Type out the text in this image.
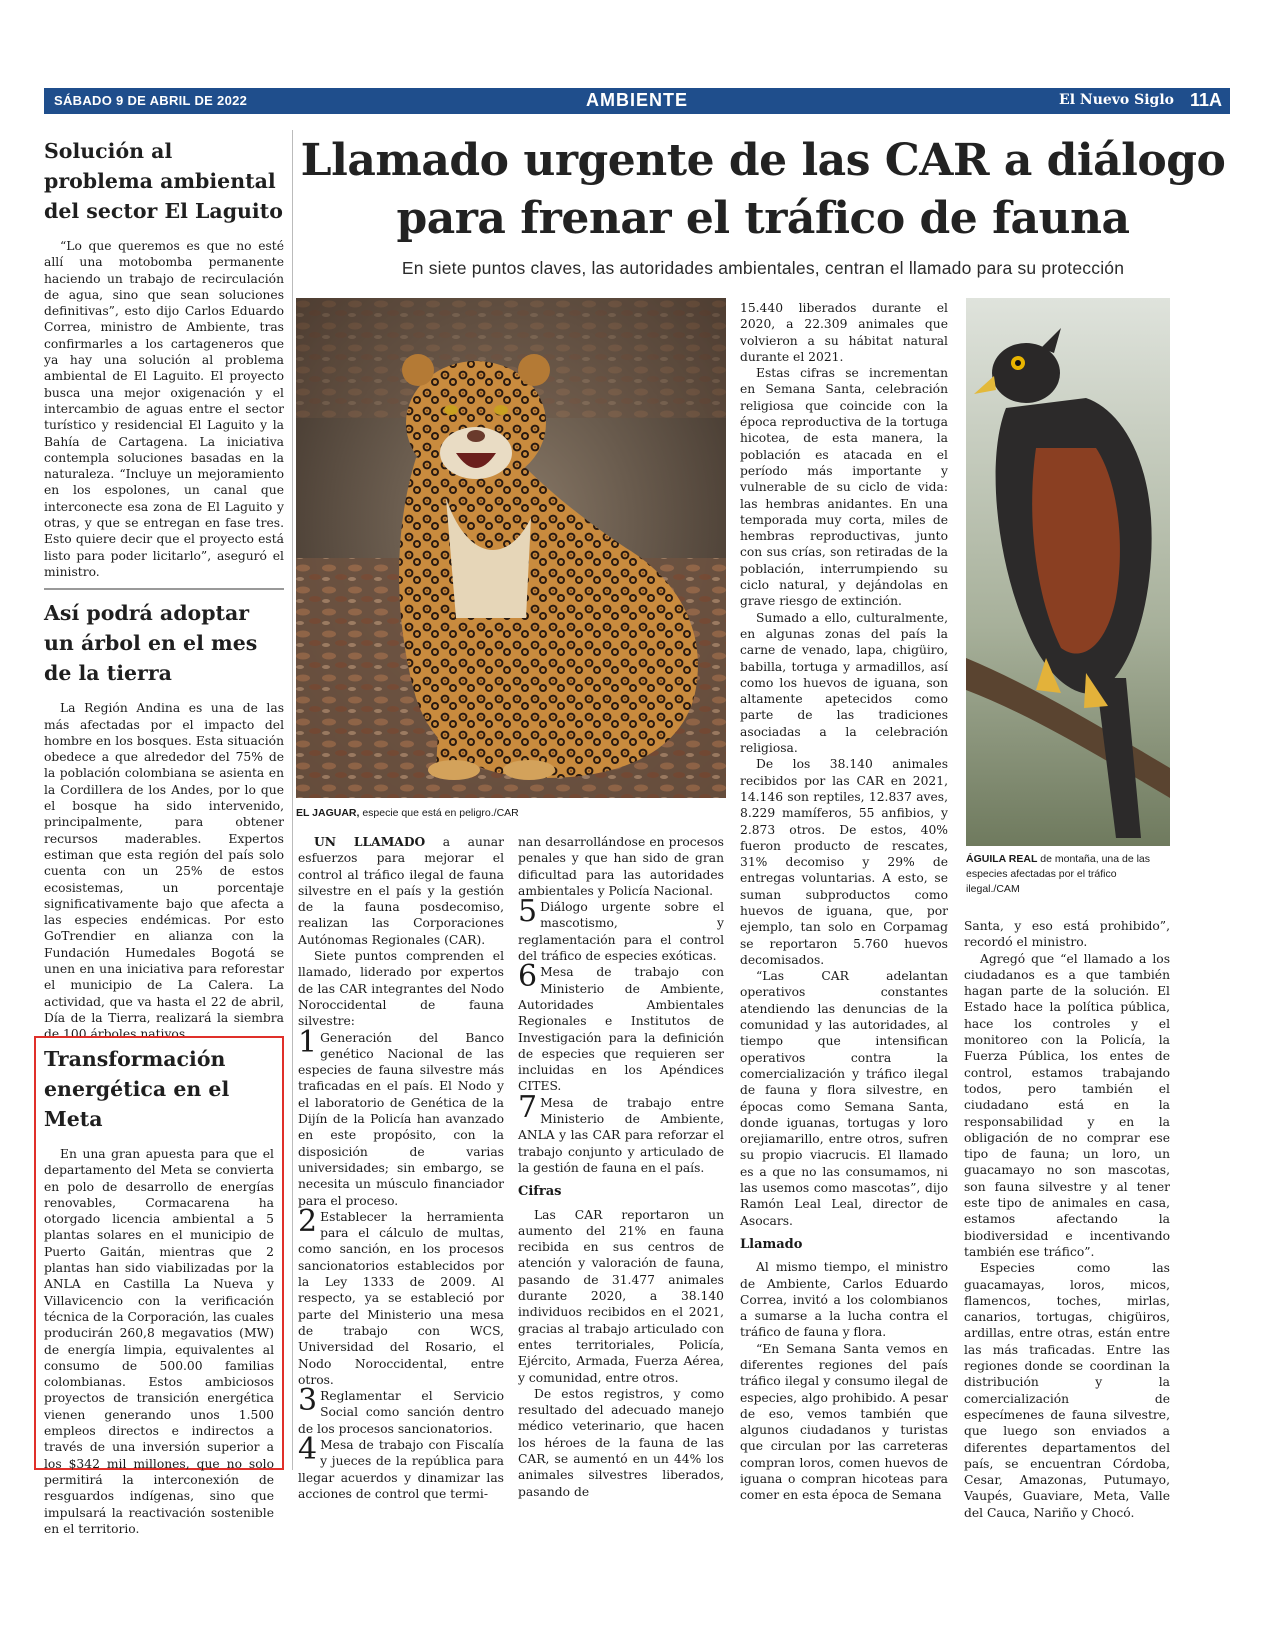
SÁBADO 9 DE ABRIL DE 2022	AMBIENTE	El Nuevo Siglo 11A
Solución al problema ambiental del sector El Laguito

“Lo que queremos es que no esté allí una motobomba permanente haciendo un trabajo de recirculación de agua, sino que sean soluciones definitivas”, esto dijo Carlos Eduardo Correa, ministro de Ambiente, tras confirmarles a los cartageneros que ya hay una solución al problema ambiental de El Laguito. El proyecto busca una mejor oxigenación y el intercambio de aguas entre el sector turístico y residencial El Laguito y la Bahía de Cartagena. La iniciativa contempla soluciones basadas en la naturaleza. “Incluye un mejoramiento en los espolones, un canal que interconecte esa zona de El Laguito y otras, y que se entregan en fase tres. Esto quiere decir que el proyecto está listo para poder licitarlo”, aseguró el ministro.

Así podrá adoptar un árbol en el mes de la tierra

La Región Andina es una de las más afectadas por el impacto del hombre en los bosques. Esta situación obedece a que alrededor del 75% de la población colombiana se asienta en la Cordillera de los Andes, por lo que el bosque ha sido intervenido, principalmente, para obtener recursos maderables. Expertos estiman que esta región del país solo cuenta con un 25% de estos ecosistemas, un porcentaje significativamente bajo que afecta a las especies endémicas. Por esto GoTrendier en alianza con la Fundación Humedales Bogotá se unen en una iniciativa para reforestar el municipio de La Calera. La actividad, que va hasta el 22 de abril, Día de la Tierra, realizará la siembra de 100 árboles nativos.

Transformación energética en el Meta

En una gran apuesta para que el departamento del Meta se convierta en polo de desarrollo de energías renovables, Cormacarena ha otorgado licencia ambiental a 5 plantas solares en el municipio de Puerto Gaitán, mientras que 2 plantas han sido viabilizadas por la ANLA en Castilla La Nueva y Villavicencio con la verificación técnica de la Corporación, las cuales producirán 260,8 megavatios (MW) de energía limpia, equivalentes al consumo de 500.00 familias colombianas. Estos ambiciosos proyectos de transición energética vienen generando unos 1.500 empleos directos e indirectos a través de una inversión superior a los $342 mil millones, que no solo permitirá la interconexión de resguardos indígenas, sino que impulsará la reactivación sostenible en el territorio.

Llamado urgente de las CAR a diálogo para frenar el tráfico de fauna
En siete puntos claves, las autoridades ambientales, centran el llamado para su protección
EL JAGUAR, especie que está en peligro./CAR
ÁGUILA REAL de montaña, una de las especies afectadas por el tráfico ilegal./CAM

UN LLAMADO a aunar esfuerzos para mejorar el control al tráfico ilegal de fauna silvestre en el país y la gestión de la fauna posdecomiso, realizan las Corporaciones Autónomas Regionales (CAR).

Siete puntos comprenden el llamado, liderado por expertos de las CAR integrantes del Nodo Noroccidental de fauna silvestre:

1 Generación del Banco genético Nacional de las especies de fauna silvestre más traficadas en el país. El Nodo y el laboratorio de Genética de la Dijín de la Policía han avanzado en este propósito, con la disposición de varias universidades; sin embargo, se necesita un músculo financiador para el proceso.

2 Establecer la herramienta para el cálculo de multas, como sanción, en los procesos sancionatorios establecidos por la Ley 1333 de 2009. Al respecto, ya se estableció por parte del Ministerio una mesa de trabajo con WCS, Universidad del Rosario, el Nodo Noroccidental, entre otros.

3 Reglamentar el Servicio Social como sanción dentro de los procesos sancionatorios.

4 Mesa de trabajo con Fiscalía y jueces de la república para llegar acuerdos y dinamizar las acciones de control que termi-

nan desarrollándose en procesos penales y que han sido de gran dificultad para las autoridades ambientales y Policía Nacional.

5 Diálogo urgente sobre el mascotismo, y reglamentación para el control del tráfico de especies exóticas.

6 Mesa de trabajo con Ministerio de Ambiente, Autoridades Ambientales Regionales e Institutos de Investigación para la definición de especies que requieren ser incluidas en los Apéndices CITES.

7 Mesa de trabajo entre Ministerio de Ambiente, ANLA y las CAR para reforzar el trabajo conjunto y articulado de la gestión de fauna en el país.

Cifras

Las CAR reportaron un aumento del 21% en fauna recibida en sus centros de atención y valoración de fauna, pasando de 31.477 animales durante 2020, a 38.140 individuos recibidos en el 2021, gracias al trabajo articulado con entes territoriales, Policía, Ejército, Armada, Fuerza Aérea, y comunidad, entre otros.

De estos registros, y como resultado del adecuado manejo médico veterinario, que hacen los héroes de la fauna de las CAR, se aumentó en un 44% los animales silvestres liberados, pasando de

15.440 liberados durante el 2020, a 22.309 animales que volvieron a su hábitat natural durante el 2021.

Estas cifras se incrementan en Semana Santa, celebración religiosa que coincide con la época reproductiva de la tortuga hicotea, de esta manera, la población es atacada en el período más importante y vulnerable de su ciclo de vida: las hembras anidantes. En una temporada muy corta, miles de hembras reproductivas, junto con sus crías, son retiradas de la población, interrumpiendo su ciclo natural, y dejándolas en grave riesgo de extinción.

Sumado a ello, culturalmente, en algunas zonas del país la carne de venado, lapa, chigüiro, babilla, tortuga y armadillos, así como los huevos de iguana, son altamente apetecidos como parte de las tradiciones asociadas a la celebración religiosa.

De los 38.140 animales recibidos por las CAR en 2021, 14.146 son reptiles, 12.837 aves, 8.229 mamíferos, 55 anfibios, y 2.873 otros. De estos, 40% fueron producto de rescates, 31% decomiso y 29% de entregas voluntarias. A esto, se suman subproductos como huevos de iguana, que, por ejemplo, tan solo en Corpamag se reportaron 5.760 huevos decomisados.

“Las CAR adelantan operativos constantes atendiendo las denuncias de la comunidad y las autoridades, al tiempo que intensifican operativos contra la comercialización y tráfico ilegal de fauna y flora silvestre, en épocas como Semana Santa, donde iguanas, tortugas y loro orejiamarillo, entre otros, sufren su propio viacrucis. El llamado es a que no las consumamos, ni las usemos como mascotas”, dijo Ramón Leal Leal, director de Asocars.

Llamado

Al mismo tiempo, el ministro de Ambiente, Carlos Eduardo Correa, invitó a los colombianos a sumarse a la lucha contra el tráfico de fauna y flora.

“En Semana Santa vemos en diferentes regiones del país tráfico ilegal y consumo ilegal de especies, algo prohibido. A pesar de eso, vemos también que algunos ciudadanos y turistas que circulan por las carreteras compran loros, comen huevos de iguana o compran hicoteas para comer en esta época de Semana

Santa, y eso está prohibido”, recordó el ministro.

Agregó que “el llamado a los ciudadanos es a que también hagan parte de la solución. El Estado hace la política pública, hace los controles y el monitoreo con la Policía, la Fuerza Pública, los entes de control, estamos trabajando todos, pero también el ciudadano está en la responsabilidad y en la obligación de no comprar ese tipo de fauna; un loro, un guacamayo no son mascotas, son fauna silvestre y al tener este tipo de animales en casa, estamos afectando la biodiversidad e incentivando también ese tráfico”.

Especies como las guacamayas, loros, micos, flamencos, toches, mirlas, canarios, tortugas, chigüiros, ardillas, entre otras, están entre las más traficadas. Entre las regiones donde se coordinan la distribución y la comercialización de especímenes de fauna silvestre, que luego son enviados a diferentes departamentos del país, se encuentran Córdoba, Cesar, Amazonas, Putumayo, Vaupés, Guaviare, Meta, Valle del Cauca, Nariño y Chocó.
